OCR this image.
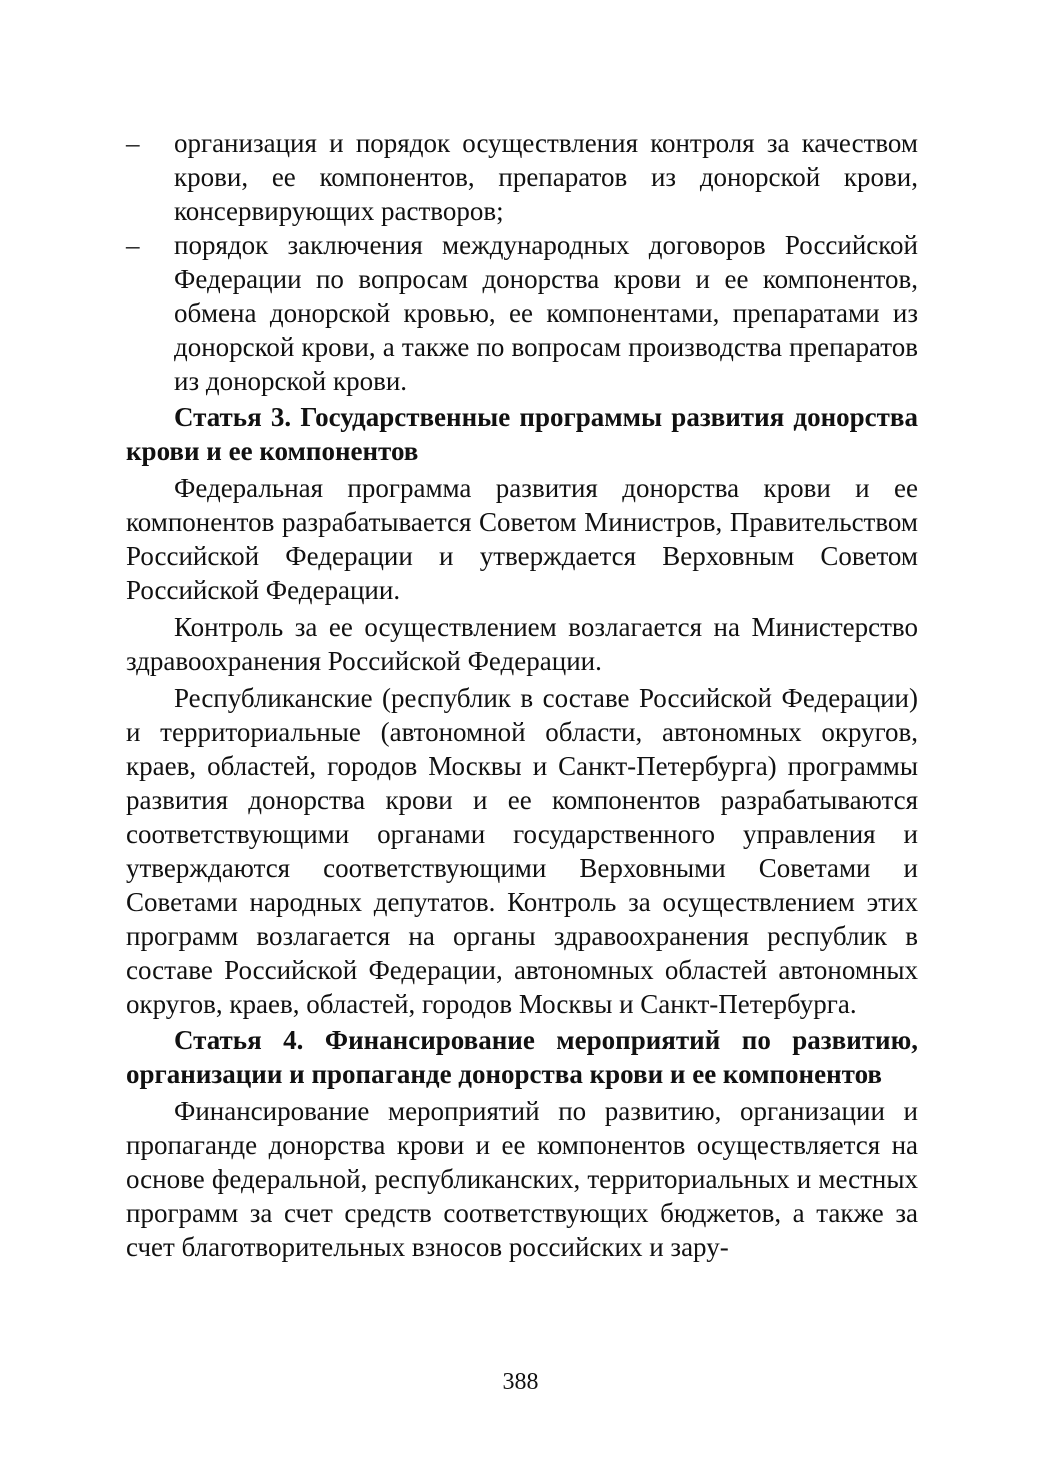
– организация и порядок осуществления контроля за качеством крови, ее компонентов, препаратов из донорской крови, консервирующих растворов;
– порядок заключения международных договоров Российской Федерации по вопросам донорства крови и ее компонентов, обмена донорской кровью, ее компонентами, препаратами из донорской крови, а также по вопросам производства препаратов из донорской крови.
Статья 3. Государственные программы развития донорства крови и ее компонентов
Федеральная программа развития донорства крови и ее компонентов разрабатывается Советом Министров, Правительством Российской Федерации и утверждается Верховным Советом Российской Федерации.
Контроль за ее осуществлением возлагается на Министерство здравоохранения Российской Федерации.
Республиканские (республик в составе Российской Федерации) и территориальные (автономной области, автономных округов, краев, областей, городов Москвы и Санкт-Петербурга) программы развития донорства крови и ее компонентов разрабатываются соответствующими органами государственного управления и утверждаются соответствующими Верховными Советами и Советами народных депутатов. Контроль за осуществлением этих программ возлагается на органы здравоохранения республик в составе Российской Федерации, автономных областей автономных округов, краев, областей, городов Москвы и Санкт-Петербурга.
Статья 4. Финансирование мероприятий по развитию, организации и пропаганде донорства крови и ее компонентов
Финансирование мероприятий по развитию, организации и пропаганде донорства крови и ее компонентов осуществляется на основе федеральной, республиканских, территориальных и местных программ за счет средств соответствующих бюджетов, а также за счет благотворительных взносов российских и зару-
388
